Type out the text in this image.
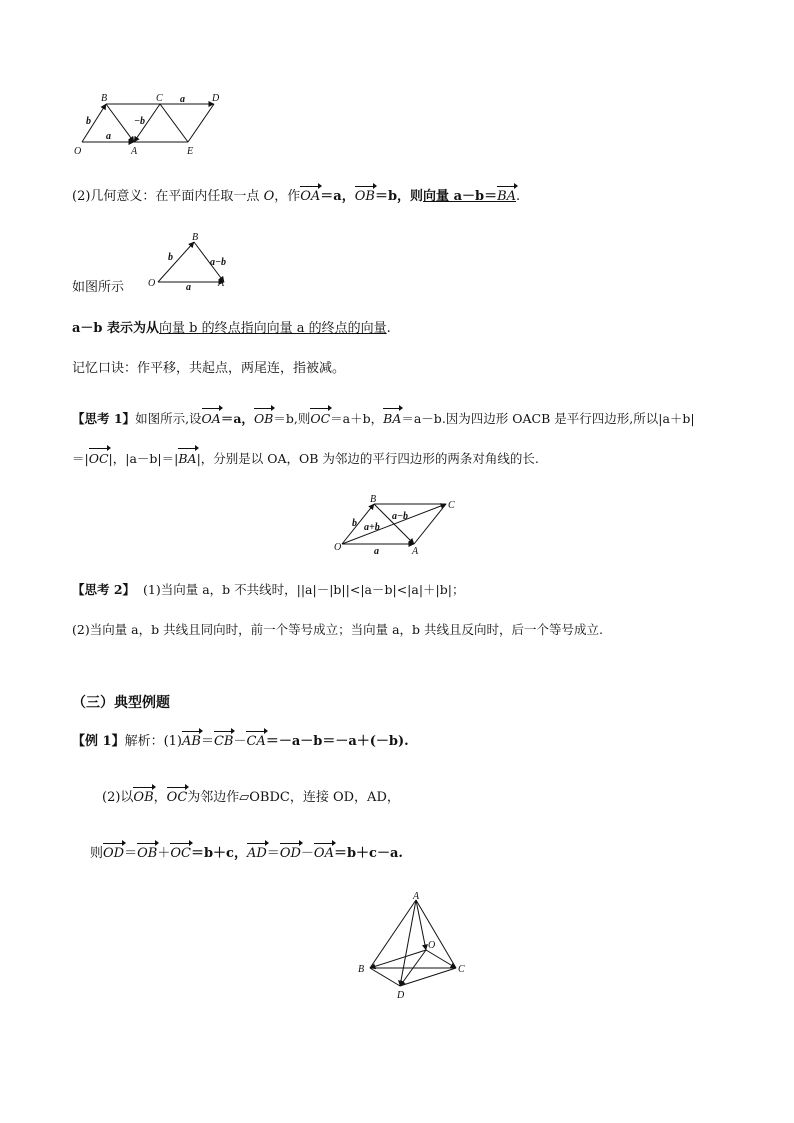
B	C	D
O	A	E
a
a
b	−b
(2)几何意义：在平面内任取一点 O，作OA＝a，OB＝b，则向量 a－b＝BA.
B
O	A
a
b	a−b
如图所示
a－b 表示为从向量 b 的终点指向向量 a 的终点的向量.
记忆口诀：作平移，共起点，两尾连，指被减。
【思考 1】如图所示,设OA＝a，OB＝b,则OC＝a＋b，BA＝a－b.因为四边形 OACB 是平行四边形,所以|a＋b|
＝|OC|，|a－b|＝|BA|，分别是以 OA，OB 为邻边的平行四边形的两条对角线的长.
B
C
O	A
a
b a+b
a−b
【思考 2】 (1)当向量 a，b 不共线时，||a|－|b||<|a－b|<|a|＋|b|；
(2)当向量 a，b 共线且同向时，前一个等号成立；当向量 a，b 共线且反向时，后一个等号成立.
（三）典型例题
【例 1】解析：(1)AB＝CB－CA＝－a－b＝－a＋(－b).
(2)以OB，OC为邻边作▱OBDC，连接 OD，AD，
则OD＝OB＋OC＝b＋c，AD＝OD－OA＝b＋c－a.
A
B	C
O
D
